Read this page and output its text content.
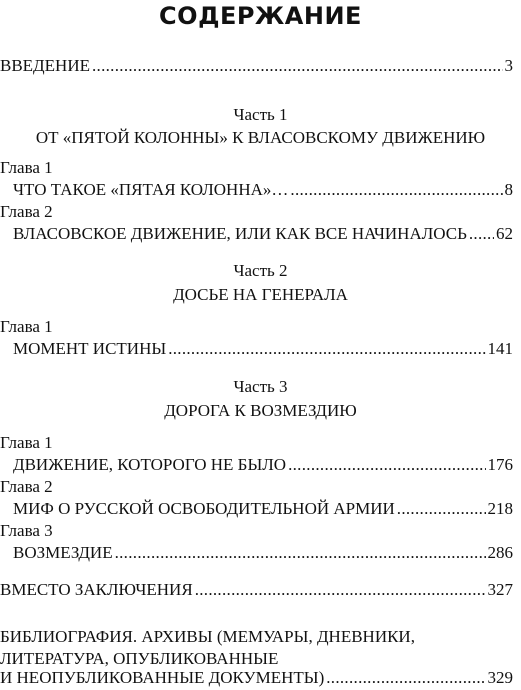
СОДЕРЖАНИЕ
ВВЕДЕНИЕ .....	3
Часть 1
ОТ «ПЯТОЙ КОЛОННЫ» К ВЛАСОВСКОМУ ДВИЖЕНИЮ
Глава 1
ЧТО ТАКОЕ «ПЯТАЯ КОЛОННА»… .....	8
Глава 2
ВЛАСОВСКОЕ ДВИЖЕНИЕ, ИЛИ КАК ВСЕ НАЧИНАЛОСЬ ..... 62
Часть 2
ДОСЬЕ НА ГЕНЕРАЛА
Глава 1
МОМЕНТ ИСТИНЫ .....	141
Часть 3
ДОРОГА К ВОЗМЕЗДИЮ
Глава 1
ДВИЖЕНИЕ, КОТОРОГО НЕ БЫЛО .....	176
Глава 2
МИФ О РУССКОЙ ОСВОБОДИТЕЛЬНОЙ АРМИИ .....	218
Глава 3
ВОЗМЕЗДИЕ .....	286
ВМЕСТО ЗАКЛЮЧЕНИЯ .....	327
БИБЛИОГРАФИЯ. АРХИВЫ (МЕМУАРЫ, ДНЕВНИКИ,
ЛИТЕРАТУРА, ОПУБЛИКОВАННЫЕ
И НЕОПУБЛИКОВАННЫЕ ДОКУМЕНТЫ) .....	329
